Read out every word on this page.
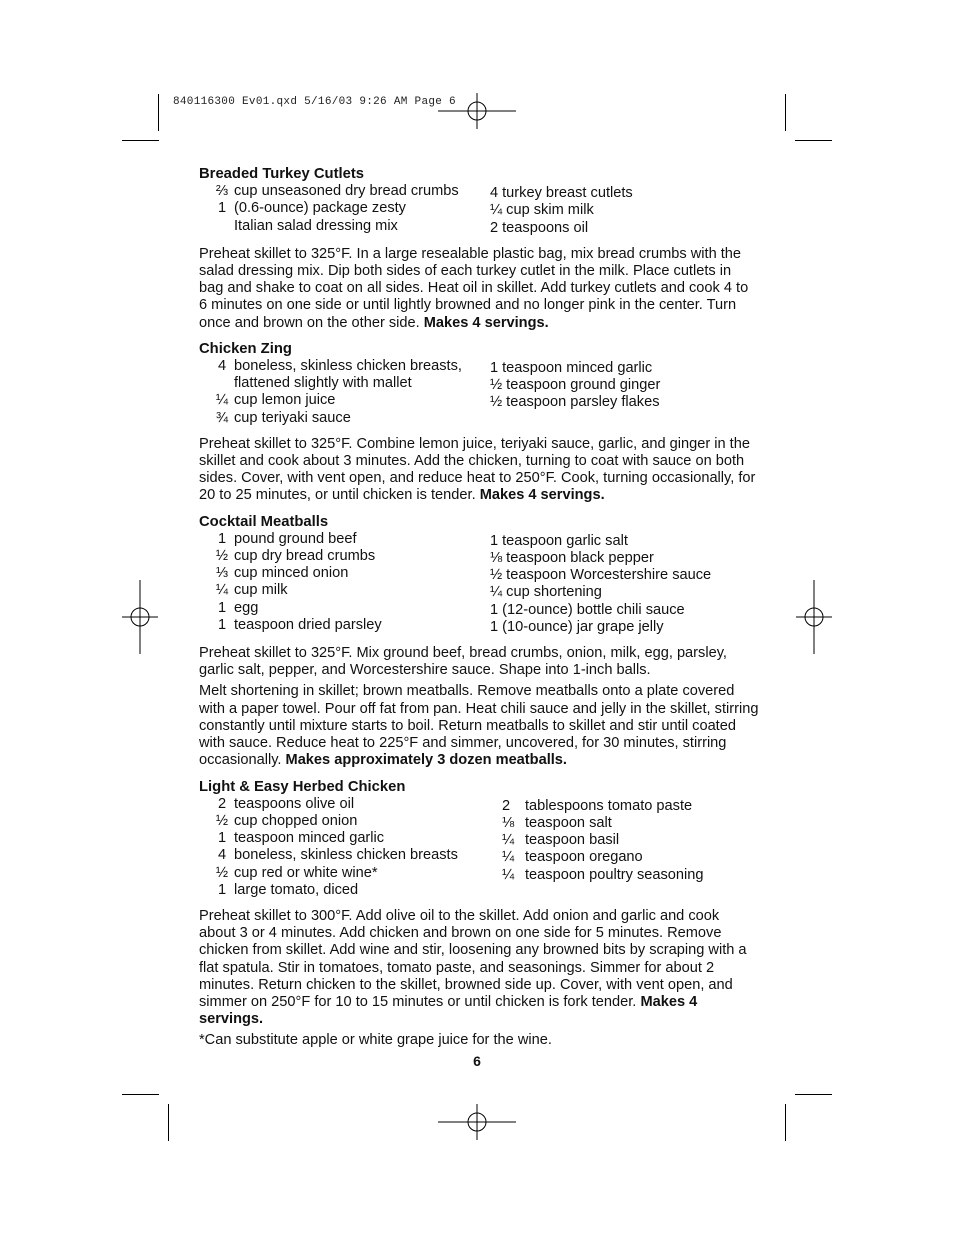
840116300 Ev01.qxd 5/16/03 9:26 AM Page 6
Breaded Turkey Cutlets
⅔ cup unseasoned dry bread crumbs
1 (0.6-ounce) package zesty
Italian salad dressing mix
4 turkey breast cutlets
¼ cup skim milk
2 teaspoons oil

Preheat skillet to 325°F. In a large resealable plastic bag, mix bread crumbs with the salad dressing mix. Dip both sides of each turkey cutlet in the milk. Place cutlets in bag and shake to coat on all sides. Heat oil in skillet. Add turkey cutlets and cook 4 to 6 minutes on one side or until lightly browned and no longer pink in the center. Turn once and brown on the other side. Makes 4 servings.

Chicken Zing
4 boneless, skinless chicken breasts,
flattened slightly with mallet
¼ cup lemon juice
¾ cup teriyaki sauce
1 teaspoon minced garlic
½ teaspoon ground ginger
½ teaspoon parsley flakes

Preheat skillet to 325°F. Combine lemon juice, teriyaki sauce, garlic, and ginger in the skillet and cook about 3 minutes. Add the chicken, turning to coat with sauce on both sides. Cover, with vent open, and reduce heat to 250°F. Cook, turning occasionally, for 20 to 25 minutes, or until chicken is tender. Makes 4 servings.

Cocktail Meatballs
1 pound ground beef
½ cup dry bread crumbs
⅓ cup minced onion
¼ cup milk
1 egg
1 teaspoon dried parsley
1 teaspoon garlic salt
⅛ teaspoon black pepper
½ teaspoon Worcestershire sauce
¼ cup shortening
1 (12-ounce) bottle chili sauce
1 (10-ounce) jar grape jelly

Preheat skillet to 325°F. Mix ground beef, bread crumbs, onion, milk, egg, parsley, garlic salt, pepper, and Worcestershire sauce. Shape into 1-inch balls.

Melt shortening in skillet; brown meatballs. Remove meatballs onto a plate covered with a paper towel. Pour off fat from pan. Heat chili sauce and jelly in the skillet, stirring constantly until mixture starts to boil. Return meatballs to skillet and stir until coated with sauce. Reduce heat to 225°F and simmer, uncovered, for 30 minutes, stirring occasionally. Makes approximately 3 dozen meatballs.

Light & Easy Herbed Chicken
2 teaspoons olive oil
½ cup chopped onion
1 teaspoon minced garlic
4 boneless, skinless chicken breasts
½ cup red or white wine*
1 large tomato, diced
2	tablespoons tomato paste
⅛ teaspoon salt
¼ teaspoon basil
¼ teaspoon oregano
¼ teaspoon poultry seasoning

Preheat skillet to 300°F. Add olive oil to the skillet. Add onion and garlic and cook about 3 or 4 minutes. Add chicken and brown on one side for 5 minutes. Remove chicken from skillet. Add wine and stir, loosening any browned bits by scraping with a flat spatula. Stir in tomatoes, tomato paste, and seasonings. Simmer for about 2 minutes. Return chicken to the skillet, browned side up. Cover, with vent open, and simmer on 250°F for 10 to 15 minutes or until chicken is fork tender. Makes 4 servings.

*Can substitute apple or white grape juice for the wine.

6
